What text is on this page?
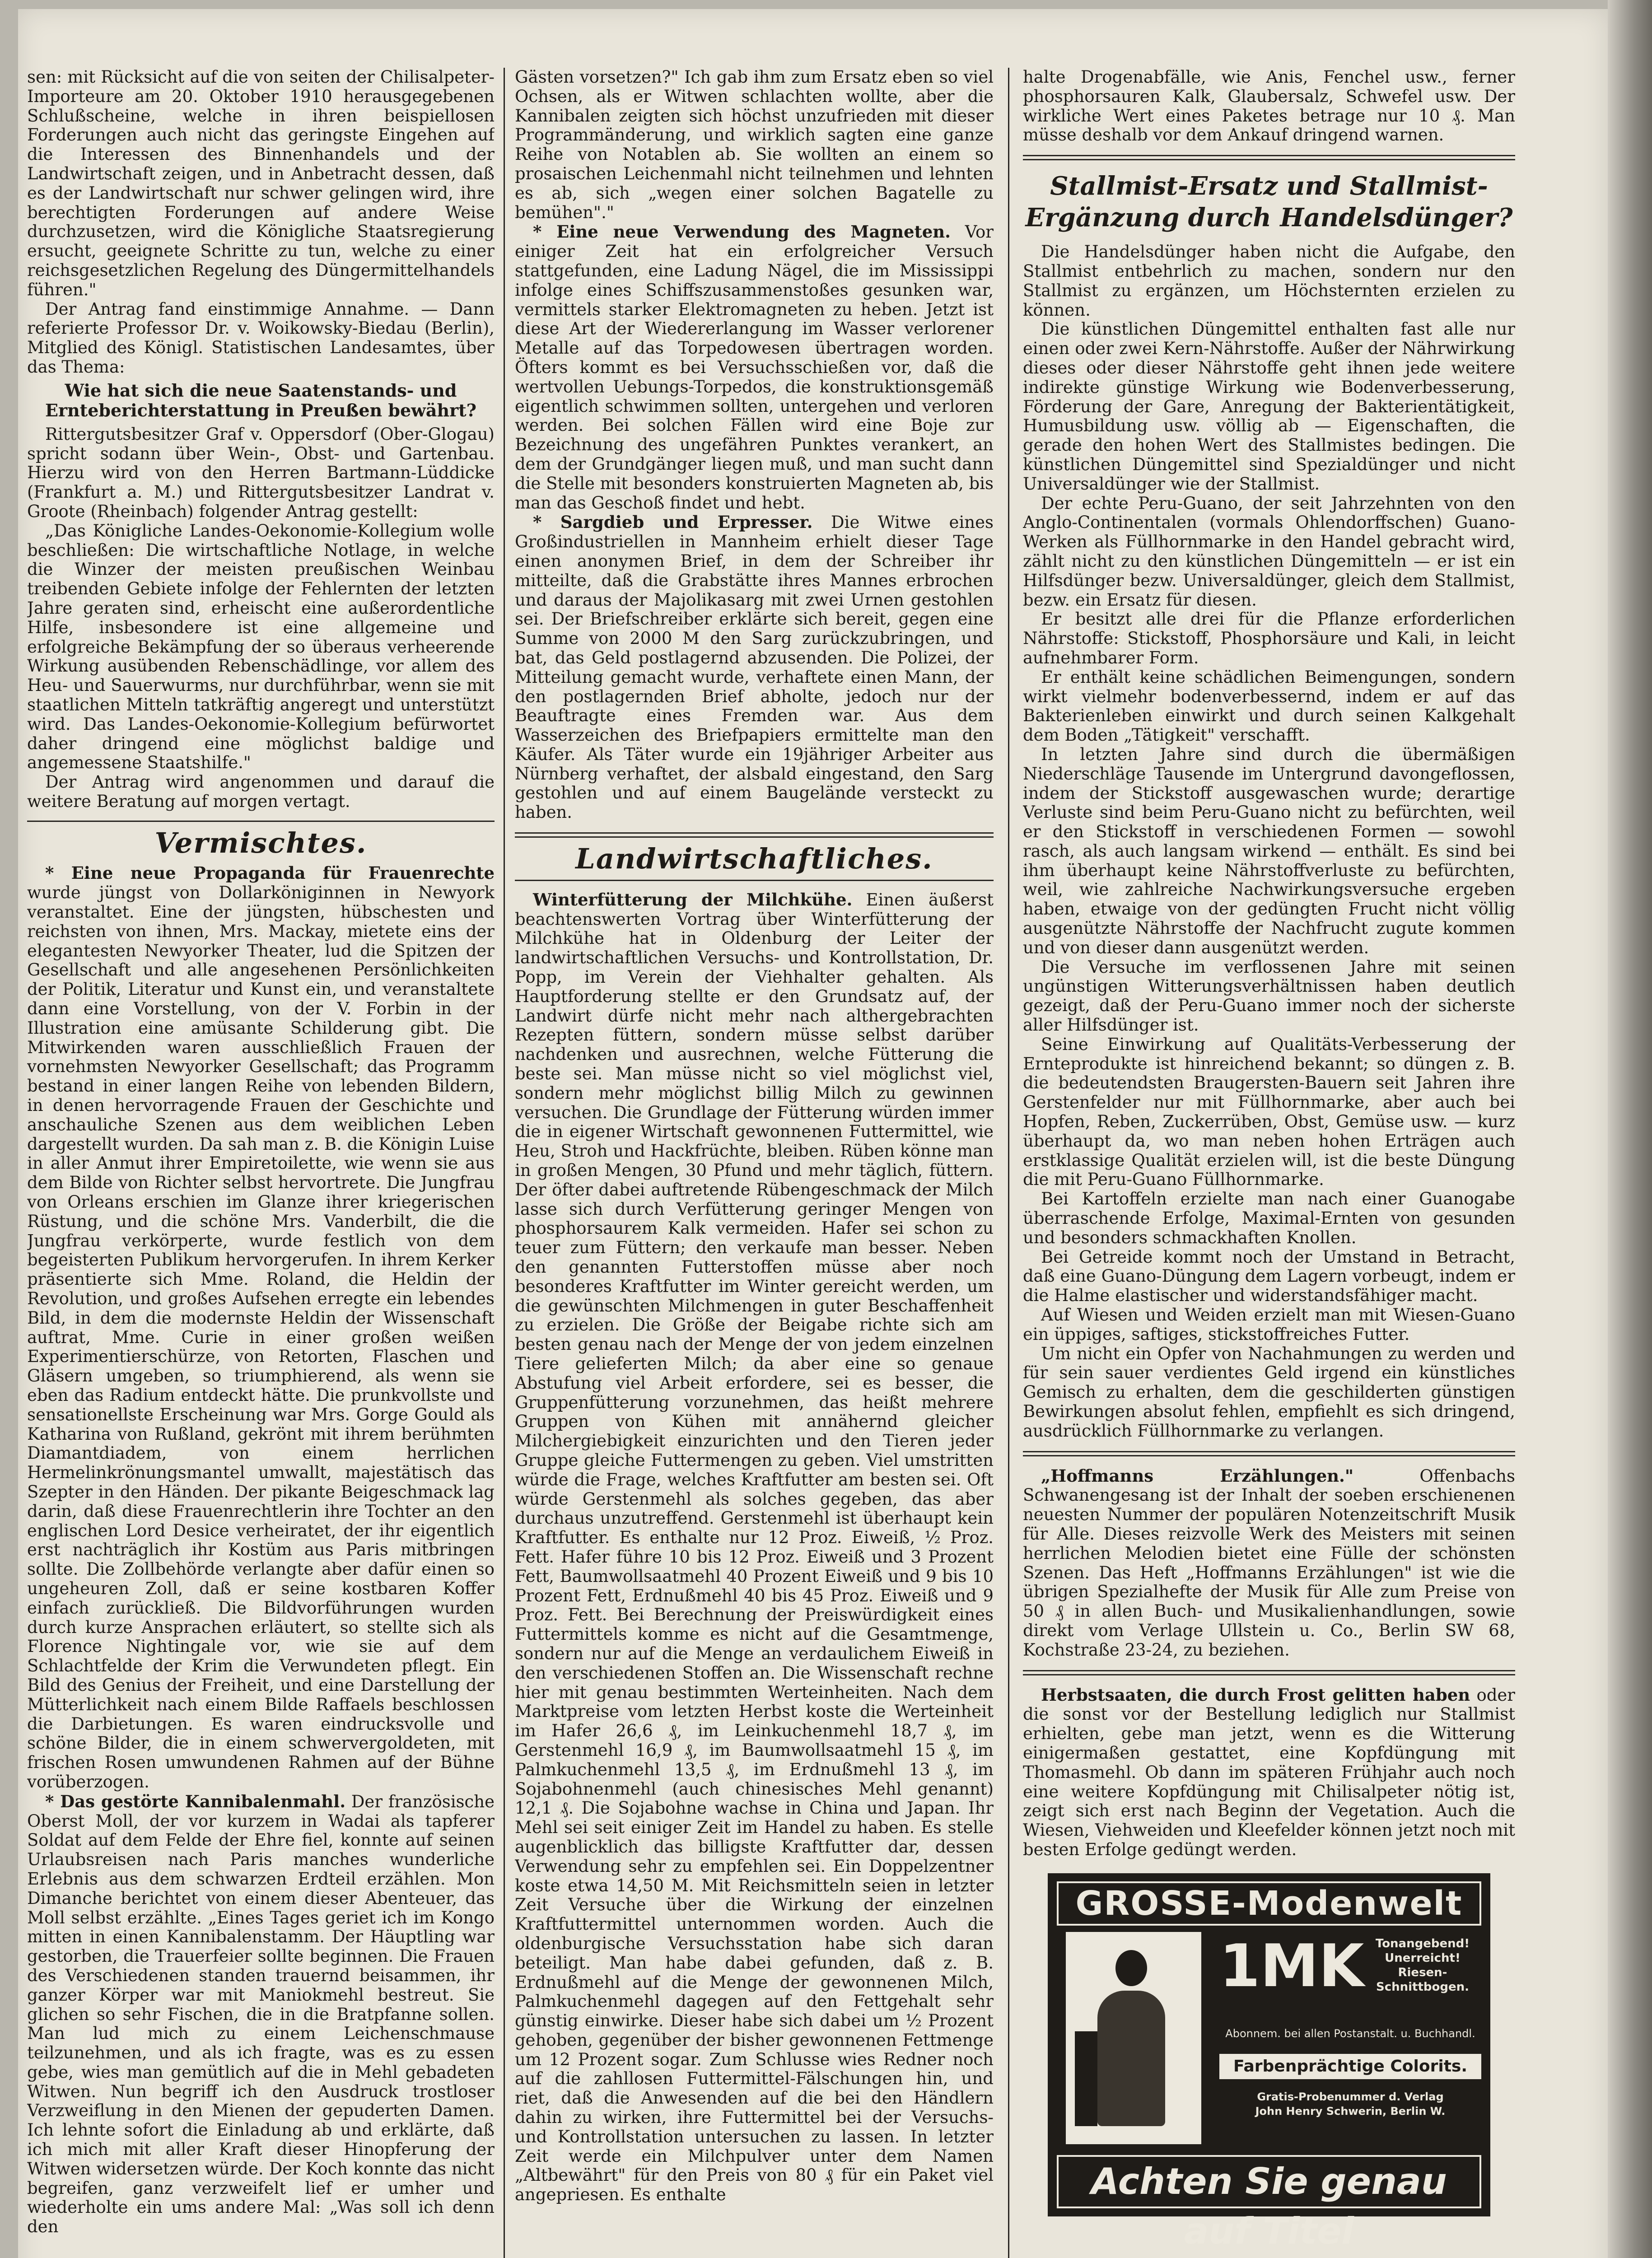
sen: mit Rücksicht auf die von seiten der Chilisalpeter-Importeure am 20. Oktober 1910 herausgegebenen Schlußscheine, welche in ihren beispiellosen Forderungen auch nicht das geringste Eingehen auf die Interessen des Binnenhandels und der Landwirtschaft zeigen, und in Anbetracht dessen, daß es der Landwirtschaft nur schwer gelingen wird, ihre berechtigten Forderungen auf andere Weise durchzusetzen, wird die Königliche Staatsregierung ersucht, geeignete Schritte zu tun, welche zu einer reichsgesetzlichen Regelung des Düngermittelhandels führen."

Der Antrag fand einstimmige Annahme. — Dann referierte Professor Dr. v. Woikowsky-Biedau (Berlin), Mitglied des Königl. Statistischen Landesamtes, über das Thema:

Wie hat sich die neue Saatenstands- und Ernteberichterstattung in Preußen bewährt?

Rittergutsbesitzer Graf v. Oppersdorf (Ober-Glogau) spricht sodann über Wein-, Obst- und Gartenbau. Hierzu wird von den Herren Bartmann-Lüddicke (Frankfurt a. M.) und Rittergutsbesitzer Landrat v. Groote (Rheinbach) folgender Antrag gestellt:

„Das Königliche Landes-Oekonomie-Kollegium wolle beschließen: Die wirtschaftliche Notlage, in welche die Winzer der meisten preußischen Weinbau treibenden Gebiete infolge der Fehlernten der letzten Jahre geraten sind, erheischt eine außerordentliche Hilfe, insbesondere ist eine allgemeine und erfolgreiche Bekämpfung der so überaus verheerende Wirkung ausübenden Rebenschädlinge, vor allem des Heu- und Sauerwurms, nur durchführbar, wenn sie mit staatlichen Mitteln tatkräftig angeregt und unterstützt wird. Das Landes-Oekonomie-Kollegium befürwortet daher dringend eine möglichst baldige und angemessene Staatshilfe."

Der Antrag wird angenommen und darauf die weitere Beratung auf morgen vertagt.

Vermischtes.

* Eine neue Propaganda für Frauenrechte wurde jüngst von Dollarköniginnen in Newyork veranstaltet. Eine der jüngsten, hübschesten und reichsten von ihnen, Mrs. Mackay, mietete eins der elegantesten Newyorker Theater, lud die Spitzen der Gesellschaft und alle angesehenen Persönlichkeiten der Politik, Literatur und Kunst ein, und veranstaltete dann eine Vorstellung, von der V. Forbin in der Illustration eine amüsante Schilderung gibt. Die Mitwirkenden waren ausschließlich Frauen der vornehmsten Newyorker Gesellschaft; das Programm bestand in einer langen Reihe von lebenden Bildern, in denen hervorragende Frauen der Geschichte und anschauliche Szenen aus dem weiblichen Leben dargestellt wurden. Da sah man z. B. die Königin Luise in aller Anmut ihrer Empiretoilette, wie wenn sie aus dem Bilde von Richter selbst hervortrete. Die Jungfrau von Orleans erschien im Glanze ihrer kriegerischen Rüstung, und die schöne Mrs. Vanderbilt, die die Jungfrau verkörperte, wurde festlich von dem begeisterten Publikum hervorgerufen. In ihrem Kerker präsentierte sich Mme. Roland, die Heldin der Revolution, und großes Aufsehen erregte ein lebendes Bild, in dem die modernste Heldin der Wissenschaft auftrat, Mme. Curie in einer großen weißen Experimentierschürze, von Retorten, Flaschen und Gläsern umgeben, so triumphierend, als wenn sie eben das Radium entdeckt hätte. Die prunkvollste und sensationellste Erscheinung war Mrs. Gorge Gould als Katharina von Rußland, gekrönt mit ihrem berühmten Diamantdiadem, von einem herrlichen Hermelinkrönungsmantel umwallt, majestätisch das Szepter in den Händen. Der pikante Beigeschmack lag darin, daß diese Frauenrechtlerin ihre Tochter an den englischen Lord Desice verheiratet, der ihr eigentlich erst nachträglich ihr Kostüm aus Paris mitbringen sollte. Die Zollbehörde verlangte aber dafür einen so ungeheuren Zoll, daß er seine kostbaren Koffer einfach zurückließ. Die Bildvorführungen wurden durch kurze Ansprachen erläutert, so stellte sich als Florence Nightingale vor, wie sie auf dem Schlachtfelde der Krim die Verwundeten pflegt. Ein Bild des Genius der Freiheit, und eine Darstellung der Mütterlichkeit nach einem Bilde Raffaels beschlossen die Darbietungen. Es waren eindrucksvolle und schöne Bilder, die in einem schwervergoldeten, mit frischen Rosen umwundenen Rahmen auf der Bühne vorüberzogen.

* Das gestörte Kannibalenmahl. Der französische Oberst Moll, der vor kurzem in Wadai als tapferer Soldat auf dem Felde der Ehre fiel, konnte auf seinen Urlaubsreisen nach Paris manches wunderliche Erlebnis aus dem schwarzen Erdteil erzählen. Mon Dimanche berichtet von einem dieser Abenteuer, das Moll selbst erzählte. „Eines Tages geriet ich im Kongo mitten in einen Kannibalenstamm. Der Häuptling war gestorben, die Trauerfeier sollte beginnen. Die Frauen des Verschiedenen standen trauernd beisammen, ihr ganzer Körper war mit Maniokmehl bestreut. Sie glichen so sehr Fischen, die in die Bratpfanne sollen. Man lud mich zu einem Leichenschmause teilzunehmen, und als ich fragte, was es zu essen gebe, wies man gemütlich auf die in Mehl gebadeten Witwen. Nun begriff ich den Ausdruck trostloser Verzweiflung in den Mienen der gepuderten Damen. Ich lehnte sofort die Einladung ab und erklärte, daß ich mich mit aller Kraft dieser Hinopferung der Witwen widersetzen würde. Der Koch konnte das nicht begreifen, ganz verzweifelt lief er umher und wiederholte ein ums andere Mal: „Was soll ich denn den

Gästen vorsetzen?" Ich gab ihm zum Ersatz eben so viel Ochsen, als er Witwen schlachten wollte, aber die Kannibalen zeigten sich höchst unzufrieden mit dieser Programmänderung, und wirklich sagten eine ganze Reihe von Notablen ab. Sie wollten an einem so prosaischen Leichenmahl nicht teilnehmen und lehnten es ab, sich „wegen einer solchen Bagatelle zu bemühen"."

* Eine neue Verwendung des Magneten. Vor einiger Zeit hat ein erfolgreicher Versuch stattgefunden, eine Ladung Nägel, die im Mississippi infolge eines Schiffszusammenstoßes gesunken war, vermittels starker Elektromagneten zu heben. Jetzt ist diese Art der Wiedererlangung im Wasser verlorener Metalle auf das Torpedowesen übertragen worden. Öfters kommt es bei Versuchsschießen vor, daß die wertvollen Uebungs-Torpedos, die konstruktionsgemäß eigentlich schwimmen sollten, untergehen und verloren werden. Bei solchen Fällen wird eine Boje zur Bezeichnung des ungefähren Punktes verankert, an dem der Grundgänger liegen muß, und man sucht dann die Stelle mit besonders konstruierten Magneten ab, bis man das Geschoß findet und hebt.

* Sargdieb und Erpresser. Die Witwe eines Großindustriellen in Mannheim erhielt dieser Tage einen anonymen Brief, in dem der Schreiber ihr mitteilte, daß die Grabstätte ihres Mannes erbrochen und daraus der Majolikasarg mit zwei Urnen gestohlen sei. Der Briefschreiber erklärte sich bereit, gegen eine Summe von 2000 M den Sarg zurückzubringen, und bat, das Geld postlagernd abzusenden. Die Polizei, der Mitteilung gemacht wurde, verhaftete einen Mann, der den postlagernden Brief abholte, jedoch nur der Beauftragte eines Fremden war. Aus dem Wasserzeichen des Briefpapiers ermittelte man den Käufer. Als Täter wurde ein 19jähriger Arbeiter aus Nürnberg verhaftet, der alsbald eingestand, den Sarg gestohlen und auf einem Baugelände versteckt zu haben.

Landwirtschaftliches.

Winterfütterung der Milchkühe. Einen äußerst beachtenswerten Vortrag über Winterfütterung der Milchkühe hat in Oldenburg der Leiter der landwirtschaftlichen Versuchs- und Kontrollstation, Dr. Popp, im Verein der Viehhalter gehalten. Als Hauptforderung stellte er den Grundsatz auf, der Landwirt dürfe nicht mehr nach althergebrachten Rezepten füttern, sondern müsse selbst darüber nachdenken und ausrechnen, welche Fütterung die beste sei. Man müsse nicht so viel möglichst viel, sondern mehr möglichst billig Milch zu gewinnen versuchen. Die Grundlage der Fütterung würden immer die in eigener Wirtschaft gewonnenen Futtermittel, wie Heu, Stroh und Hackfrüchte, bleiben. Rüben könne man in großen Mengen, 30 Pfund und mehr täglich, füttern. Der öfter dabei auftretende Rübengeschmack der Milch lasse sich durch Verfütterung geringer Mengen von phosphorsaurem Kalk vermeiden. Hafer sei schon zu teuer zum Füttern; den verkaufe man besser. Neben den genannten Futterstoffen müsse aber noch besonderes Kraftfutter im Winter gereicht werden, um die gewünschten Milchmengen in guter Beschaffenheit zu erzielen. Die Größe der Beigabe richte sich am besten genau nach der Menge der von jedem einzelnen Tiere gelieferten Milch; da aber eine so genaue Abstufung viel Arbeit erfordere, sei es besser, die Gruppenfütterung vorzunehmen, das heißt mehrere Gruppen von Kühen mit annähernd gleicher Milchergiebigkeit einzurichten und den Tieren jeder Gruppe gleiche Futtermengen zu geben. Viel umstritten würde die Frage, welches Kraftfutter am besten sei. Oft würde Gerstenmehl als solches gegeben, das aber durchaus unzutreffend. Gerstenmehl ist überhaupt kein Kraftfutter. Es enthalte nur 12 Proz. Eiweiß, ½ Proz. Fett. Hafer führe 10 bis 12 Proz. Eiweiß und 3 Prozent Fett, Baumwollsaatmehl 40 Prozent Eiweiß und 9 bis 10 Prozent Fett, Erdnußmehl 40 bis 45 Proz. Eiweiß und 9 Proz. Fett. Bei Berechnung der Preiswürdigkeit eines Futtermittels komme es nicht auf die Gesamtmenge, sondern nur auf die Menge an verdaulichem Eiweiß in den verschiedenen Stoffen an. Die Wissenschaft rechne hier mit genau bestimmten Werteinheiten. Nach dem Marktpreise vom letzten Herbst koste die Werteinheit im Hafer 26,6 ₰, im Leinkuchenmehl 18,7 ₰, im Gerstenmehl 16,9 ₰, im Baumwollsaatmehl 15 ₰, im Palmkuchenmehl 13,5 ₰, im Erdnußmehl 13 ₰, im Sojabohnenmehl (auch chinesisches Mehl genannt) 12,1 ₰. Die Sojabohne wachse in China und Japan. Ihr Mehl sei seit einiger Zeit im Handel zu haben. Es stelle augenblicklich das billigste Kraftfutter dar, dessen Verwendung sehr zu empfehlen sei. Ein Doppelzentner koste etwa 14,50 M. Mit Reichsmitteln seien in letzter Zeit Versuche über die Wirkung der einzelnen Kraftfuttermittel unternommen worden. Auch die oldenburgische Versuchsstation habe sich daran beteiligt. Man habe dabei gefunden, daß z. B. Erdnußmehl auf die Menge der gewonnenen Milch, Palmkuchenmehl dagegen auf den Fettgehalt sehr günstig einwirke. Dieser habe sich dabei um ½ Prozent gehoben, gegenüber der bisher gewonnenen Fettmenge um 12 Prozent sogar. Zum Schlusse wies Redner noch auf die zahllosen Futtermittel-Fälschungen hin, und riet, daß die Anwesenden auf die bei den Händlern dahin zu wirken, ihre Futtermittel bei der Versuchs- und Kontrollstation untersuchen zu lassen. In letzter Zeit werde ein Milchpulver unter dem Namen „Altbewährt" für den Preis von 80 ₰ für ein Paket viel angepriesen. Es enthalte

halte Drogenabfälle, wie Anis, Fenchel usw., ferner phosphorsauren Kalk, Glaubersalz, Schwefel usw. Der wirkliche Wert eines Paketes betrage nur 10 ₰. Man müsse deshalb vor dem Ankauf dringend warnen.

Stallmist-Ersatz und Stallmist-Ergänzung durch Handelsdünger?

Die Handelsdünger haben nicht die Aufgabe, den Stallmist entbehrlich zu machen, sondern nur den Stallmist zu ergänzen, um Höchsternten erzielen zu können.

Die künstlichen Düngemittel enthalten fast alle nur einen oder zwei Kern-Nährstoffe. Außer der Nährwirkung dieses oder dieser Nährstoffe geht ihnen jede weitere indirekte günstige Wirkung wie Bodenverbesserung, Förderung der Gare, Anregung der Bakterientätigkeit, Humusbildung usw. völlig ab — Eigenschaften, die gerade den hohen Wert des Stallmistes bedingen. Die künstlichen Düngemittel sind Spezialdünger und nicht Universaldünger wie der Stallmist.

Der echte Peru-Guano, der seit Jahrzehnten von den Anglo-Continentalen (vormals Ohlendorffschen) Guano-Werken als Füllhornmarke in den Handel gebracht wird, zählt nicht zu den künstlichen Düngemitteln — er ist ein Hilfsdünger bezw. Universaldünger, gleich dem Stallmist, bezw. ein Ersatz für diesen.

Er besitzt alle drei für die Pflanze erforderlichen Nährstoffe: Stickstoff, Phosphorsäure und Kali, in leicht aufnehmbarer Form.

Er enthält keine schädlichen Beimengungen, sondern wirkt vielmehr bodenverbessernd, indem er auf das Bakterienleben einwirkt und durch seinen Kalkgehalt dem Boden „Tätigkeit" verschafft.

In letzten Jahre sind durch die übermäßigen Niederschläge Tausende im Untergrund davongeflossen, indem der Stickstoff ausgewaschen wurde; derartige Verluste sind beim Peru-Guano nicht zu befürchten, weil er den Stickstoff in verschiedenen Formen — sowohl rasch, als auch langsam wirkend — enthält. Es sind bei ihm überhaupt keine Nährstoffverluste zu befürchten, weil, wie zahlreiche Nachwirkungsversuche ergeben haben, etwaige von der gedüngten Frucht nicht völlig ausgenützte Nährstoffe der Nachfrucht zugute kommen und von dieser dann ausgenützt werden.

Die Versuche im verflossenen Jahre mit seinen ungünstigen Witterungsverhältnissen haben deutlich gezeigt, daß der Peru-Guano immer noch der sicherste aller Hilfsdünger ist.

Seine Einwirkung auf Qualitäts-Verbesserung der Ernteprodukte ist hinreichend bekannt; so düngen z. B. die bedeutendsten Braugersten-Bauern seit Jahren ihre Gerstenfelder nur mit Füllhornmarke, aber auch bei Hopfen, Reben, Zuckerrüben, Obst, Gemüse usw. — kurz überhaupt da, wo man neben hohen Erträgen auch erstklassige Qualität erzielen will, ist die beste Düngung die mit Peru-Guano Füllhornmarke.

Bei Kartoffeln erzielte man nach einer Guanogabe überraschende Erfolge, Maximal-Ernten von gesunden und besonders schmackhaften Knollen.

Bei Getreide kommt noch der Umstand in Betracht, daß eine Guano-Düngung dem Lagern vorbeugt, indem er die Halme elastischer und widerstandsfähiger macht.

Auf Wiesen und Weiden erzielt man mit Wiesen-Guano ein üppiges, saftiges, stickstoffreiches Futter.

Um nicht ein Opfer von Nachahmungen zu werden und für sein sauer verdientes Geld irgend ein künstliches Gemisch zu erhalten, dem die geschilderten günstigen Bewirkungen absolut fehlen, empfiehlt es sich dringend, ausdrücklich Füllhornmarke zu verlangen.

„Hoffmanns Erzählungen."	Offenbachs Schwanengesang ist der Inhalt der soeben erschienenen neuesten Nummer der populären Notenzeitschrift Musik für Alle. Dieses reizvolle Werk des Meisters mit seinen herrlichen Melodien bietet eine Fülle der schönsten Szenen. Das Heft „Hoffmanns Erzählungen" ist wie die übrigen Spezialhefte der Musik für Alle zum Preise von 50 ₰ in allen Buch- und Musikalienhandlungen, sowie direkt vom Verlage Ullstein u. Co., Berlin SW 68, Kochstraße 23-24, zu beziehen.

Herbstsaaten, die durch Frost gelitten haben oder die sonst vor der Bestellung lediglich nur Stallmist erhielten, gebe man jetzt, wenn es die Witterung einigermaßen gestattet, eine Kopfdüngung mit Thomasmehl. Ob dann im späteren Frühjahr auch noch eine weitere Kopfdüngung mit Chilisalpeter nötig ist, zeigt sich erst nach Beginn der Vegetation. Auch die Wiesen, Viehweiden und Kleefelder können jetzt noch mit besten Erfolge gedüngt werden.

GROSSE-Modenwelt
1MK Tonangebend!
Unerreicht!
Riesen-Schnittbogen.
Abonnem. bei allen Postanstalt. u. Buchhandl.
Farbenprächtige Colorits.
Gratis-Probenummer d. Verlag
John Henry Schwerin, Berlin W.
Achten Sie genau auf Titel
